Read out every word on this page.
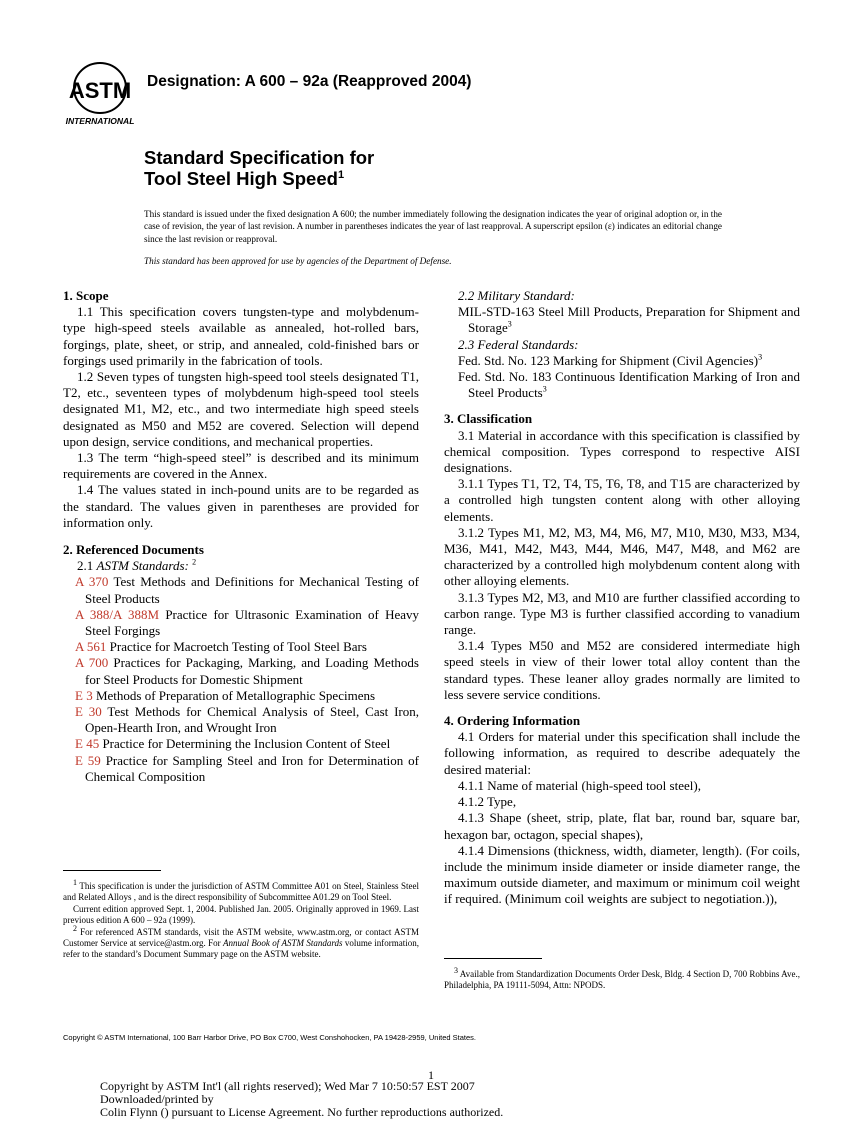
ASTM
INTERNATIONAL
Designation: A 600 – 92a (Reapproved 2004)
Standard Specification for
Tool Steel High Speed$^1$
This standard is issued under the fixed designation A 600; the number immediately following the designation indicates the year of original adoption or, in the case of revision, the year of last revision. A number in parentheses indicates the year of last reapproval. A superscript epsilon (ε) indicates an editorial change since the last revision or reapproval.
This standard has been approved for use by agencies of the Department of Defense.
1. Scope

1.1 This specification covers tungsten-type and molybdenum-type high-speed steels available as annealed, hot-rolled bars, forgings, plate, sheet, or strip, and annealed, cold-finished bars or forgings used primarily in the fabrication of tools.

1.2 Seven types of tungsten high-speed tool steels designated T1, T2, etc., seventeen types of molybdenum high-speed tool steels designated M1, M2, etc., and two intermediate high speed steels designated as M50 and M52 are covered. Selection will depend upon design, service conditions, and mechanical properties.

1.3 The term “high-speed steel” is described and its minimum requirements are covered in the Annex.

1.4 The values stated in inch-pound units are to be regarded as the standard. The values given in parentheses are provided for information only.

2. Referenced Documents

2.1 ASTM Standards: $^2$

A 370 Test Methods and Definitions for Mechanical Testing of Steel Products

A 388/A 388M Practice for Ultrasonic Examination of Heavy Steel Forgings

A 561 Practice for Macroetch Testing of Tool Steel Bars

A 700 Practices for Packaging, Marking, and Loading Methods for Steel Products for Domestic Shipment

E 3 Methods of Preparation of Metallographic Specimens

E 30 Test Methods for Chemical Analysis of Steel, Cast Iron, Open-Hearth Iron, and Wrought Iron

E 45 Practice for Determining the Inclusion Content of Steel

E 59 Practice for Sampling Steel and Iron for Determination of Chemical Composition

$^1$ This specification is under the jurisdiction of ASTM Committee A01 on Steel, Stainless Steel and Related Alloys , and is the direct responsibility of Subcommittee A01.29 on Tool Steel.

Current edition approved Sept. 1, 2004. Published Jan. 2005. Originally approved in 1969. Last previous edition A 600 – 92a (1999).

$^2$ For referenced ASTM standards, visit the ASTM website, www.astm.org, or contact ASTM Customer Service at service@astm.org. For Annual Book of ASTM Standards volume information, refer to the standard’s Document Summary page on the ASTM website.

2.2 Military Standard:

MIL-STD-163 Steel Mill Products, Preparation for Shipment and Storage$^3$

2.3 Federal Standards:

Fed. Std. No. 123 Marking for Shipment (Civil Agencies)$^3$

Fed. Std. No. 183 Continuous Identification Marking of Iron and Steel Products$^3$

3. Classification

3.1 Material in accordance with this specification is classified by chemical composition. Types correspond to respective AISI designations.

3.1.1 Types T1, T2, T4, T5, T6, T8, and T15 are characterized by a controlled high tungsten content along with other alloying elements.

3.1.2 Types M1, M2, M3, M4, M6, M7, M10, M30, M33, M34, M36, M41, M42, M43, M44, M46, M47, M48, and M62 are characterized by a controlled high molybdenum content along with other alloying elements.

3.1.3 Types M2, M3, and M10 are further classified according to carbon range. Type M3 is further classified according to vanadium range.

3.1.4 Types M50 and M52 are considered intermediate high speed steels in view of their lower total alloy content than the standard types. These leaner alloy grades normally are limited to less severe service conditions.

4. Ordering Information

4.1 Orders for material under this specification shall include the following information, as required to describe adequately the desired material:

4.1.1 Name of material (high-speed tool steel),

4.1.2 Type,

4.1.3 Shape (sheet, strip, plate, flat bar, round bar, square bar, hexagon bar, octagon, special shapes),

4.1.4 Dimensions (thickness, width, diameter, length). (For coils, include the minimum inside diameter or inside diameter range, the maximum outside diameter, and maximum or minimum coil weight if required. (Minimum coil weights are subject to negotiation.)),

$^3$ Available from Standardization Documents Order Desk, Bldg. 4 Section D, 700 Robbins Ave., Philadelphia, PA 19111-5094, Attn: NPODS.

Copyright © ASTM International, 100 Barr Harbor Drive, PO Box C700, West Conshohocken, PA 19428-2959, United States.
1
Copyright by ASTM Int'l (all rights reserved); Wed Mar 7 10:50:57 EST 2007
Downloaded/printed by
Colin Flynn () pursuant to License Agreement. No further reproductions authorized.
